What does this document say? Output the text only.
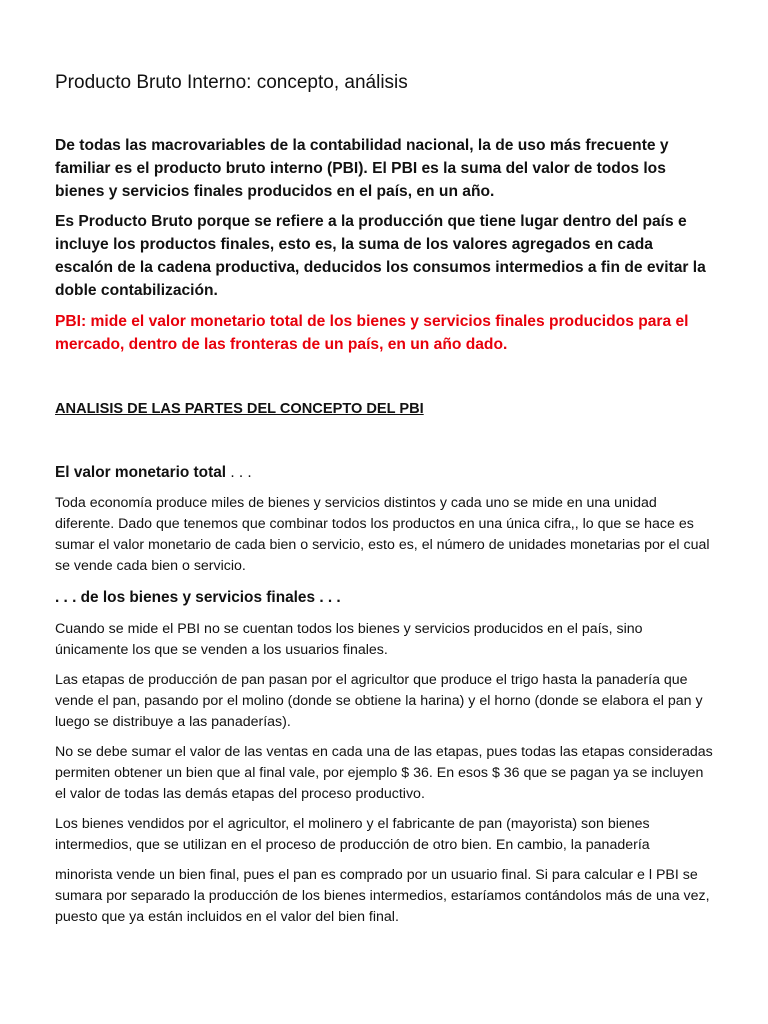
Producto Bruto Interno: concepto, análisis

De todas las macrovariables de la contabilidad nacional, la de uso más frecuente y familiar es el producto bruto interno (PBI). El PBI es la suma del valor de todos los bienes y servicios finales producidos en el país, en un año.

Es Producto Bruto porque se refiere a la producción que tiene lugar dentro del país e incluye los productos finales, esto es, la suma de los valores agregados en cada escalón de la cadena productiva, deducidos los consumos intermedios a fin de evitar la doble contabilización.

PBI: mide el valor monetario total de los bienes y servicios finales producidos para el mercado, dentro de las fronteras de un país, en un año dado.

ANALISIS DE LAS PARTES DEL CONCEPTO DEL PBI
El valor monetario total . . .

Toda economía produce miles de bienes y servicios distintos y cada uno se mide en una unidad diferente. Dado que tenemos que combinar todos los productos en una única cifra,, lo que se hace es sumar el valor monetario de cada bien o servicio, esto es, el número de unidades monetarias por el cual se vende cada bien o servicio.

. . . de los bienes y servicios finales . . .

Cuando se mide el PBI no se cuentan todos los bienes y servicios producidos en el país, sino únicamente los que se venden a los usuarios finales.

Las etapas de producción de pan pasan por el agricultor que produce el trigo hasta la panadería que vende el pan, pasando por el molino (donde se obtiene la harina) y el horno (donde se elabora el pan y luego se distribuye a las panaderías).

No se debe sumar el valor de las ventas en cada una de las etapas, pues todas las etapas consideradas permiten obtener un bien que al final vale, por ejemplo $ 36. En esos $ 36 que se pagan ya se incluyen el valor de todas las demás etapas del proceso productivo.

Los bienes vendidos por el agricultor, el molinero y el fabricante de pan (mayorista) son bienes intermedios, que se utilizan en el proceso de producción de otro bien. En cambio, la panadería

minorista vende un bien final, pues el pan es comprado por un usuario final. Si para calcular e l PBI se sumara por separado la producción de los bienes intermedios, estaríamos contándolos más de una vez, puesto que ya están incluidos en el valor del bien final.
